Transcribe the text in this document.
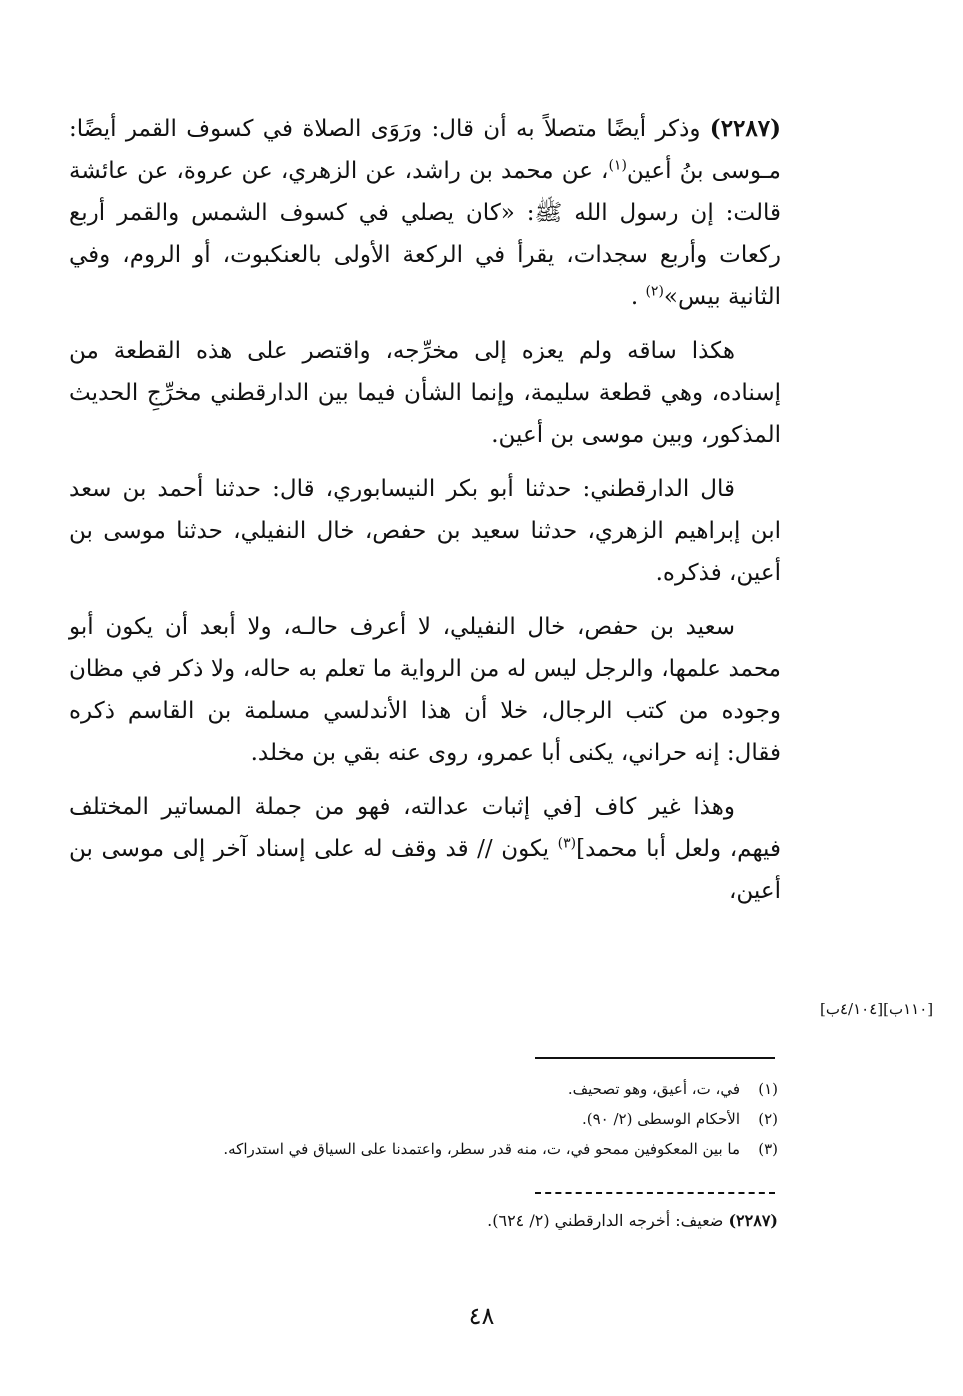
(٢٢٨٧) وذكر أيضًا متصلاً به أن قال: ورَوَى الصلاة في كسوف القمر أيضًا: مـوسى بنُ أعين$^{(١)}$، عن محمد بن راشد، عن الزهري، عن عروة، عن عائشة قالت: إن رسول الله ﷺ: «كان يصلي في كسوف الشمس والقمر أربع ركعات وأربع سجدات، يقرأ في الركعة الأولى بالعنكبوت، أو الروم، وفي الثانية بيس»$^{(٢)}$ .

هكذا ساقه ولم يعزه إلى مخرِّجه، واقتصر على هذه القطعة من إسناده، وهي قطعة سليمة، وإنما الشأن فيما بين الدارقطني مخرِّجِ الحديث المذكور، وبين موسى بن أعين.

قال الدارقطني: حدثنا أبو بكر النيسابوري، قال: حدثنا أحمد بن سعد ابن إبراهيم الزهري، حدثنا سعيد بن حفص، خال النفيلي، حدثنا موسى بن أعين، فذكره.

سعيد بن حفص، خال النفيلي، لا أعرف حالـه، ولا أبعد أن يكون أبو محمد علمها، والرجل ليس له من الرواية ما تعلم به حاله، ولا ذكر في مظان وجوده من كتب الرجال، خلا أن هذا الأندلسي مسلمة بن القاسم ذكره فقال: إنه حراني، يكنى أبا عمرو، روى عنه بقي بن مخلد.

وهذا غير كاف [في إثبات عدالته، فهو من جملة المساتير المختلف فيهم، ولعل أبا محمد]$^{(٣)}$ يكون // قد وقف له على إسناد آخر إلى موسى بن أعين،

[١١٠ب][٤/١٠٤ب]
(١)في، ت، أعيق، وهو تصحيف.
(٢)الأحكام الوسطى (٢/ ٩٠).
(٣)ما بين المعكوفين ممحو في، ت، منه قدر سطر، واعتمدنا على السياق في استدراكه.
(٢٢٨٧) ضعيف: أخرجه الدارقطني (٢/ ٦٢٤).
٤٨
